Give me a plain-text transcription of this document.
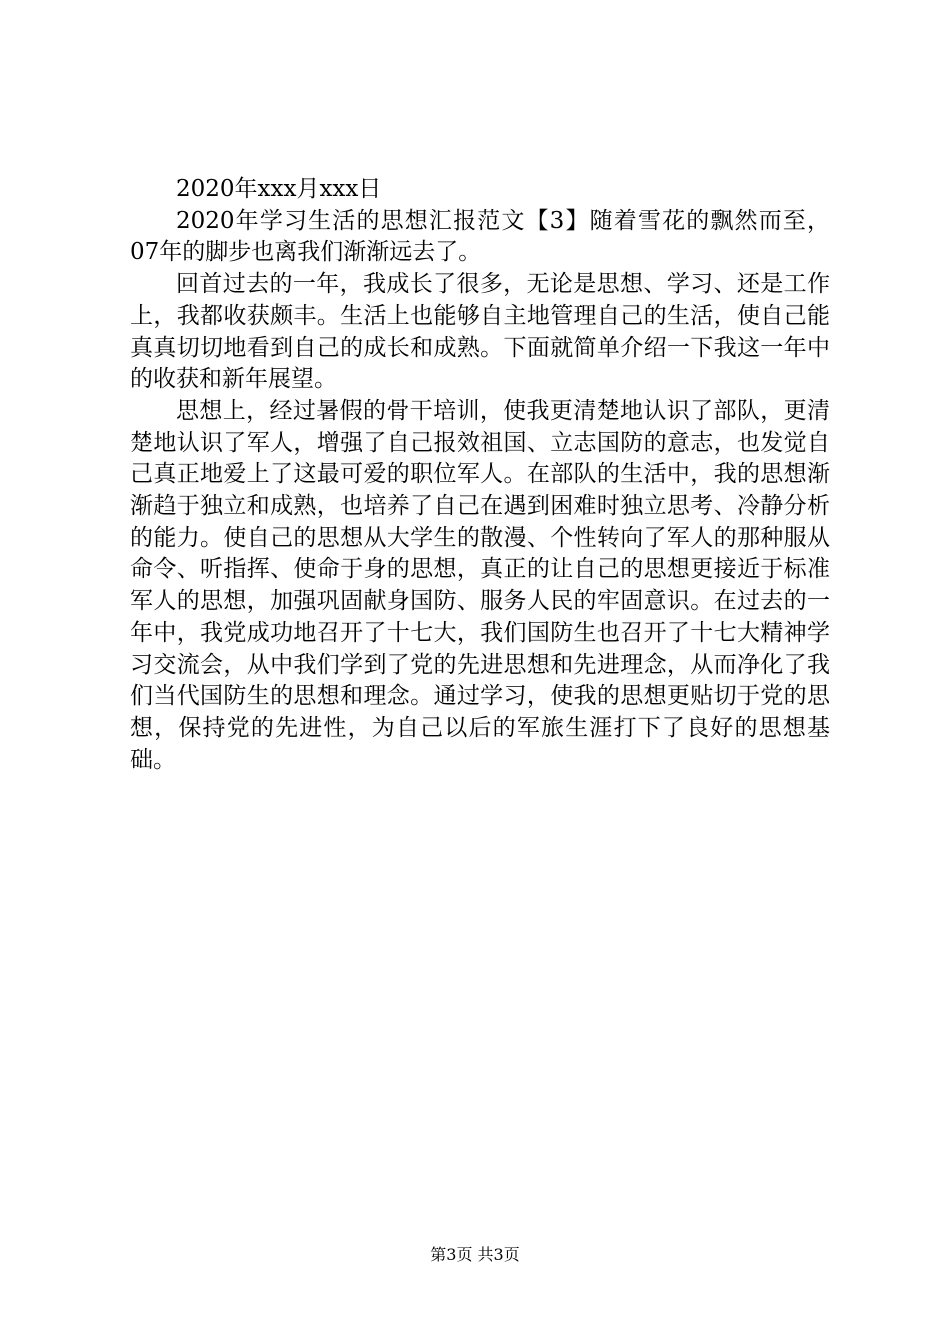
2020年xxx月xxx日

2020年学习生活的思想汇报范文【3】随着雪花的飘然而至，07年的脚步也离我们渐渐远去了。

回首过去的一年，我成长了很多，无论是思想、学习、还是工作上，我都收获颇丰。生活上也能够自主地管理自己的生活，使自己能真真切切地看到自己的成长和成熟。下面就简单介绍一下我这一年中的收获和新年展望。

思想上，经过暑假的骨干培训，使我更清楚地认识了部队，更清楚地认识了军人，增强了自己报效祖国、立志国防的意志，也发觉自己真正地爱上了这最可爱的职位军人。在部队的生活中，我的思想渐渐趋于独立和成熟，也培养了自己在遇到困难时独立思考、冷静分析的能力。使自己的思想从大学生的散漫、个性转向了军人的那种服从命令、听指挥、使命于身的思想，真正的让自己的思想更接近于标准军人的思想，加强巩固献身国防、服务人民的牢固意识。在过去的一年中，我党成功地召开了十七大，我们国防生也召开了十七大精神学习交流会，从中我们学到了党的先进思想和先进理念，从而净化了我们当代国防生的思想和理念。通过学习，使我的思想更贴切于党的思想，保持党的先进性，为自己以后的军旅生涯打下了良好的思想基础。

第3页 共3页
